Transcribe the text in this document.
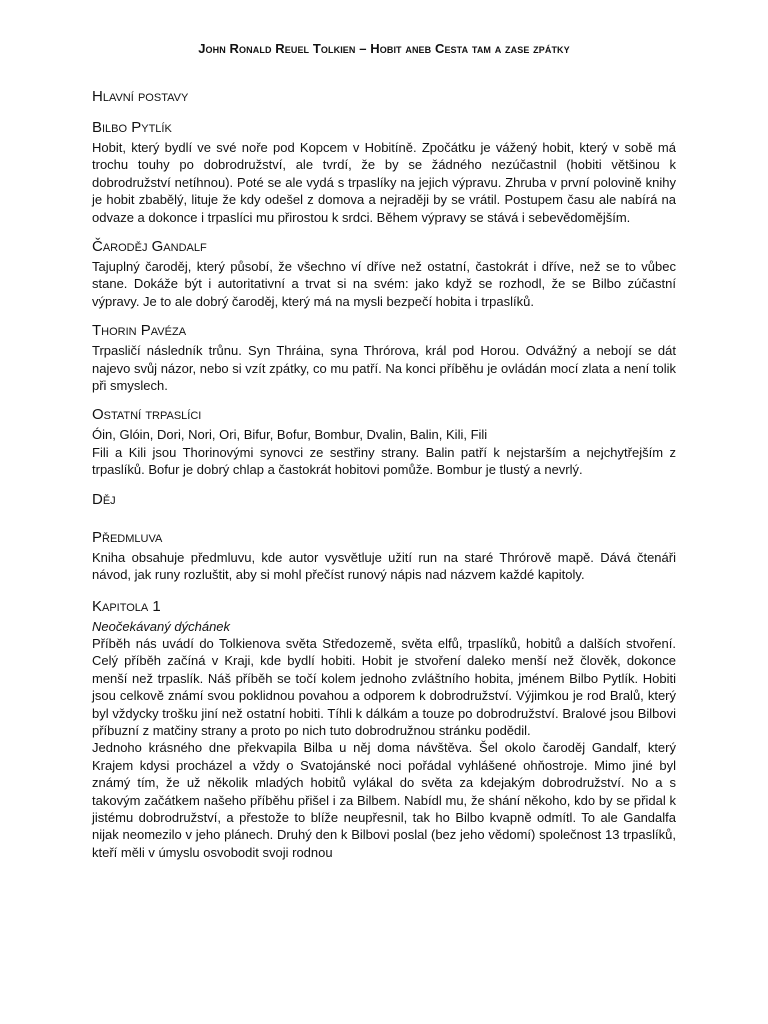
John Ronald Reuel Tolkien – Hobit aneb Cesta tam a zase zpátky
Hlavní postavy
Bilbo Pytlík

Hobit, který bydlí ve své noře pod Kopcem v Hobitíně. Zpočátku je vážený hobit, který v sobě má trochu touhy po dobrodružství, ale tvrdí, že by se žádného nezúčastnil (hobiti většinou k dobrodružství netíhnou). Poté se ale vydá s trpaslíky na jejich výpravu. Zhruba v první polovině knihy je hobit zbabělý, lituje že kdy odešel z domova a nejraději by se vrátil. Postupem času ale nabírá na odvaze a dokonce i trpaslíci mu přirostou k srdci. Během výpravy se stává i sebevědomějším.

Čaroděj Gandalf

Tajuplný čaroděj, který působí, že všechno ví dříve než ostatní, častokrát i dříve, než se to vůbec stane. Dokáže být i autoritativní a trvat si na svém: jako když se rozhodl, že se Bilbo zúčastní výpravy. Je to ale dobrý čaroděj, který má na mysli bezpečí hobita i trpaslíků.

Thorin Pavéza

Trpasličí následník trůnu. Syn Thráina, syna Thrórova, král pod Horou. Odvážný a nebojí se dát najevo svůj názor, nebo si vzít zpátky, co mu patří. Na konci příběhu je ovládán mocí zlata a není tolik při smyslech.

Ostatní trpaslíci

Óin, Glóin, Dori, Nori, Ori, Bifur, Bofur, Bombur, Dvalin, Balin, Kili, Fili

Fili a Kili jsou Thorinovými synovci ze sestřiny strany. Balin patří k nejstarším a nejchytřejším z trpaslíků. Bofur je dobrý chlap a častokrát hobitovi pomůže. Bombur je tlustý a nevrlý.

Děj
Předmluva

Kniha obsahuje předmluvu, kde autor vysvětluje užití run na staré Thrórově mapě. Dává čtenáři návod, jak runy rozluštit, aby si mohl přečíst runový nápis nad názvem každé kapitoly.

Kapitola 1

Neočekávaný dýchánek

Příběh nás uvádí do Tolkienova světa Středozemě, světa elfů, trpaslíků, hobitů a dalších stvoření. Celý příběh začíná v Kraji, kde bydlí hobiti. Hobit je stvoření daleko menší než člověk, dokonce menší než trpaslík. Náš příběh se točí kolem jednoho zvláštního hobita, jménem Bilbo Pytlík. Hobiti jsou celkově známí svou poklidnou povahou a odporem k dobrodružství. Výjimkou je rod Bralů, který byl vždycky trošku jiní než ostatní hobiti. Tíhli k dálkám a touze po dobrodružství. Bralové jsou Bilbovi příbuzní z matčiny strany a proto po nich tuto dobrodružnou stránku podědil.

Jednoho krásného dne překvapila Bilba u něj doma návštěva. Šel okolo čaroděj Gandalf, který Krajem kdysi procházel a vždy o Svatojánské noci pořádal vyhlášené ohňostroje. Mimo jiné byl známý tím, že už několik mladých hobitů vylákal do světa za kdejakým dobrodružství. No a s takovým začátkem našeho příběhu přišel i za Bilbem. Nabídl mu, že shání někoho, kdo by se přidal k jistému dobrodružství, a přestože to blíže neupřesnil, tak ho Bilbo kvapně odmítl. To ale Gandalfa nijak neomezilo v jeho plánech. Druhý den k Bilbovi poslal (bez jeho vědomí) společnost 13 trpaslíků, kteří měli v úmyslu osvobodit svoji rodnou
